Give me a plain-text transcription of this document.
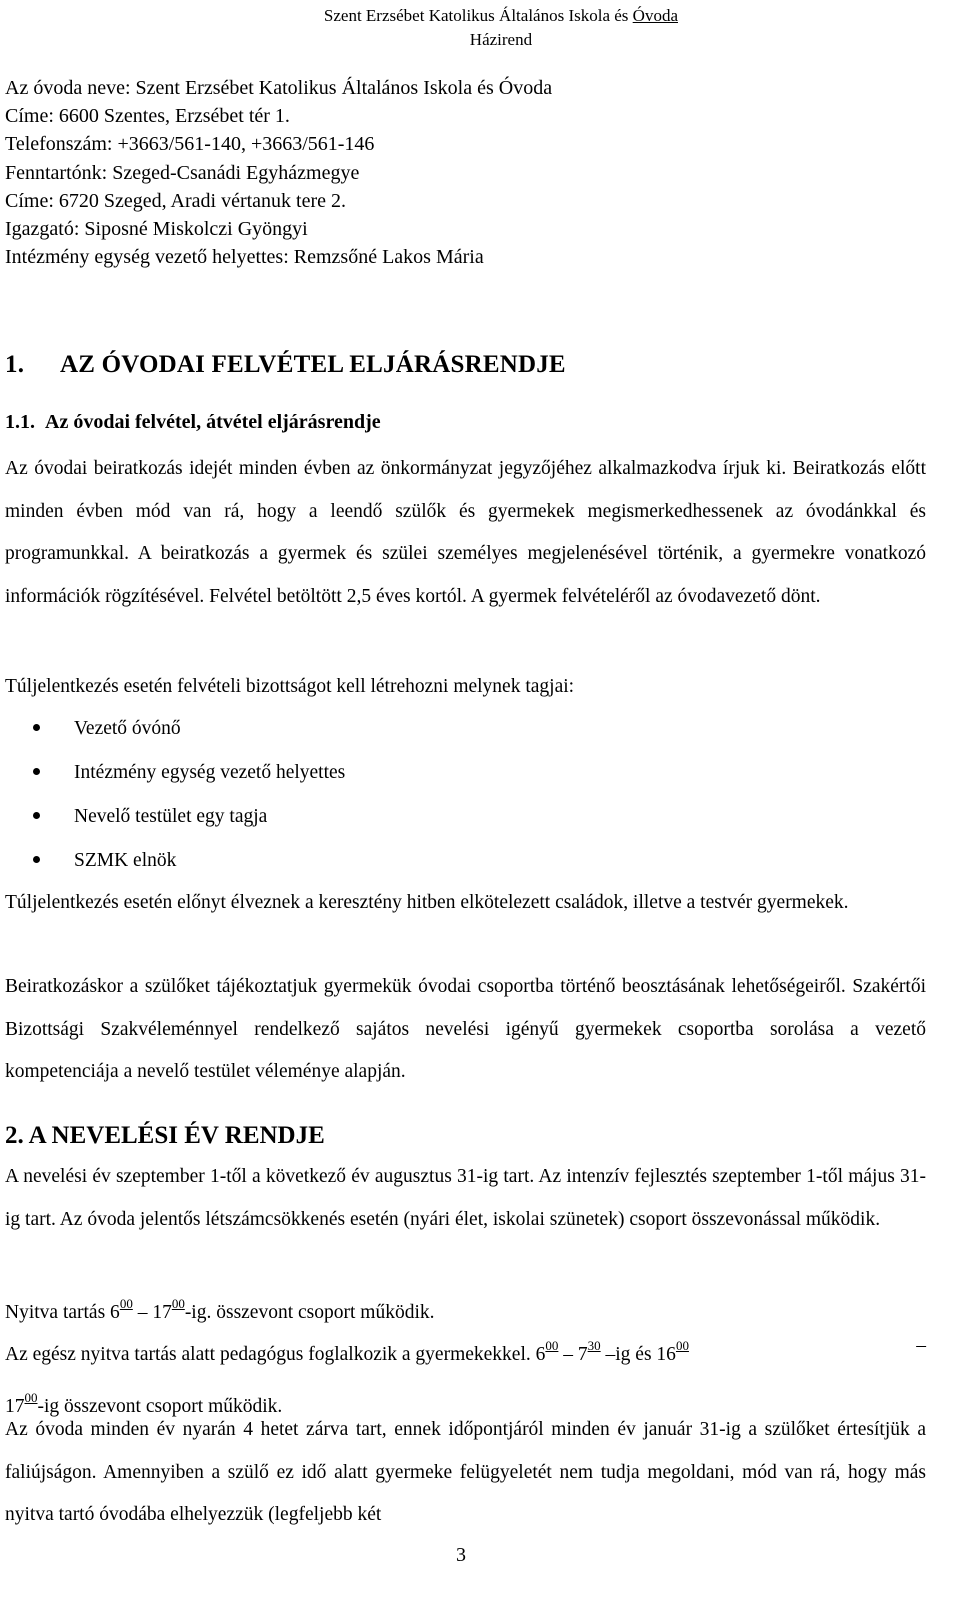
Szent Erzsébet Katolikus Általános Iskola és Óvoda
Házirend
Az óvoda neve: Szent Erzsébet Katolikus Általános Iskola és Óvoda
Címe: 6600 Szentes, Erzsébet tér 1.
Telefonszám: +3663/561-140, +3663/561-146
Fenntartónk: Szeged-Csanádi Egyházmegye
Címe: 6720 Szeged, Aradi vértanuk tere 2.
Igazgató: Siposné Miskolczi Gyöngyi
Intézmény egység vezető helyettes: Remzsőné Lakos Mária
1. AZ ÓVODAI FELVÉTEL ELJÁRÁSRENDJE
1.1. Az óvodai felvétel, átvétel eljárásrendje
Az óvodai beiratkozás idejét minden évben az önkormányzat jegyzőjéhez alkalmazkodva írjuk ki. Beiratkozás előtt minden évben mód van rá, hogy a leendő szülők és gyermekek megismerkedhessenek az óvodánkkal és programunkkal. A beiratkozás a gyermek és szülei személyes megjelenésével történik, a gyermekre vonatkozó információk rögzítésével. Felvétel betöltött 2,5 éves kortól. A gyermek felvételéről az óvodavezető dönt.
Túljelentkezés esetén felvételi bizottságot kell létrehozni melynek tagjai:
Vezető óvónő
Intézmény egység vezető helyettes
Nevelő testület egy tagja
SZMK elnök
Túljelentkezés esetén előnyt élveznek a keresztény hitben elkötelezett családok, illetve a testvér gyermekek.
Beiratkozáskor a szülőket tájékoztatjuk gyermekük óvodai csoportba történő beosztásának lehetőségeiről. Szakértői Bizottsági Szakvéleménnyel rendelkező sajátos nevelési igényű gyermekek csoportba sorolása a vezető kompetenciája a nevelő testület véleménye alapján.
2. A NEVELÉSI ÉV RENDJE
A nevelési év szeptember 1-től a következő év augusztus 31-ig tart. Az intenzív fejlesztés szeptember 1-től május 31-ig tart. Az óvoda jelentős létszámcsökkenés esetén (nyári élet, iskolai szünetek) csoport összevonással működik.
Nyitva tartás $6^{00} - 17^{00}-ig$. összevont csoport működik.
Az egész nyitva tartás alatt pedagógus foglalkozik a gyermekekkel. $6^{00} - 7^{30}$ –ig és $16^{00}$	–
$17^{00}-ig$ összevont csoport működik.
Az óvoda minden év nyarán 4 hetet zárva tart, ennek időpontjáról minden év január 31-ig a szülőket értesítjük a faliújságon. Amennyiben a szülő ez idő alatt gyermeke felügyeletét nem tudja megoldani, mód van rá, hogy más nyitva tartó óvodába elhelyezzük (legfeljebb két
3
